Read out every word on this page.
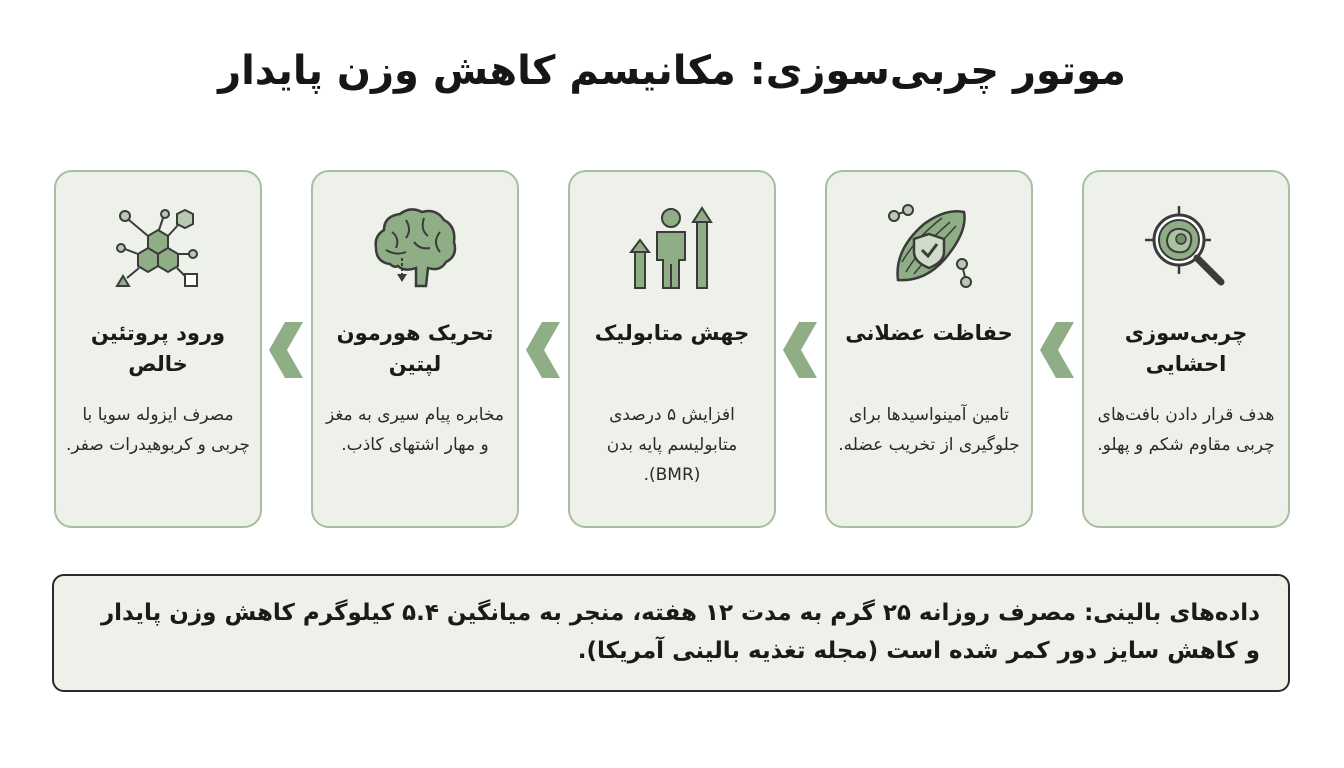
موتور چربی‌سوزی: مکانیسم کاهش وزن پایدار
چربی‌سوزی احشایی
هدف قرار دادن بافت‌های چربی مقاوم شکم و پهلو.
حفاظت عضلانی
تامین آمینواسیدها برای جلوگیری از تخریب عضله.
جهش متابولیک
افزایش ۵ درصدی متابولیسم پایه بدن (BMR).
تحریک هورمون لپتین
مخابره پیام سیری به مغز و مهار اشتهای کاذب.
ورود پروتئین خالص
مصرف ایزوله سویا با چربی و کربوهیدرات صفر.
داده‌های بالینی: مصرف روزانه ۲۵ گرم به مدت ۱۲ هفته، منجر به میانگین ۵.۴ کیلوگرم کاهش وزن پایدار و کاهش سایز دور کمر شده است (مجله تغذیه بالینی آمریکا).
